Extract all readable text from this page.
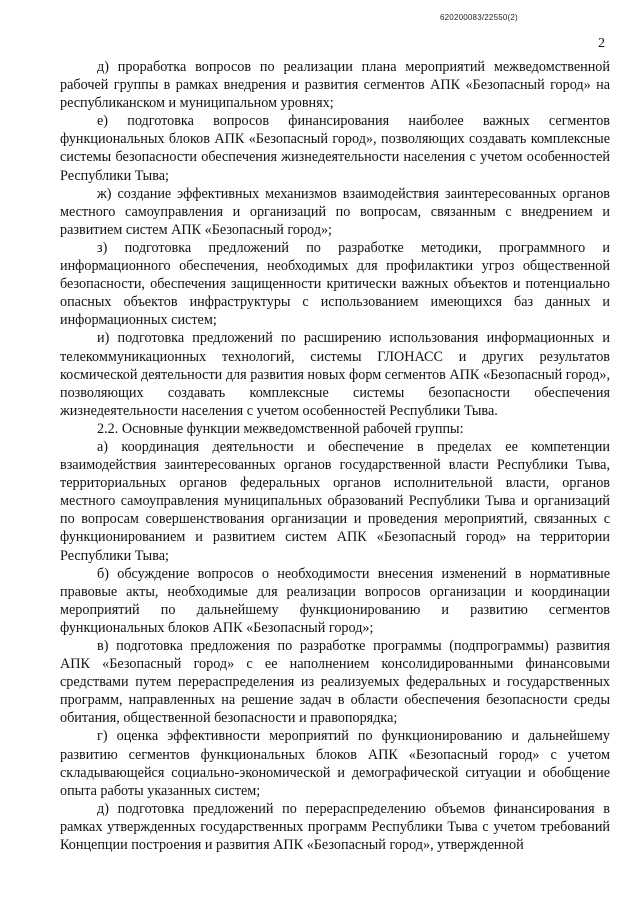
620200083/22550(2)
2

д) проработка вопросов по реализации плана мероприятий межведомственной рабочей группы в рамках внедрения и развития сегментов АПК «Безопасный город» на республиканском и муниципальном уровнях;

е) подготовка вопросов финансирования наиболее важных сегментов функциональных блоков АПК «Безопасный город», позволяющих создавать комплексные системы безопасности обеспечения жизнедеятельности населения с учетом особенностей Республики Тыва;

ж) создание эффективных механизмов взаимодействия заинтересованных органов местного самоуправления и организаций по вопросам, связанным с внедрением и развитием систем АПК «Безопасный город»;

з) подготовка предложений по разработке методики, программного и информационного обеспечения, необходимых для профилактики угроз общественной безопасности, обеспечения защищенности критически важных объектов и потенциально опасных объектов инфраструктуры с использованием имеющихся баз данных и информационных систем;

и) подготовка предложений по расширению использования информационных и телекоммуникационных технологий, системы ГЛОНАСС и других результатов космической деятельности для развития новых форм сегментов АПК «Безопасный город», позволяющих создавать комплексные системы безопасности обеспечения жизнедеятельности населения с учетом особенностей Республики Тыва.

2.2. Основные функции межведомственной рабочей группы:

а) координация деятельности и обеспечение в пределах ее компетенции взаимодействия заинтересованных органов государственной власти Республики Тыва, территориальных органов федеральных органов исполнительной власти, органов местного самоуправления муниципальных образований Республики Тыва и организаций по вопросам совершенствования организации и проведения мероприятий, связанных с функционированием и развитием систем АПК «Безопасный город» на территории Республики Тыва;

б) обсуждение вопросов о необходимости внесения изменений в нормативные правовые акты, необходимые для реализации вопросов организации и координации мероприятий по дальнейшему функционированию и развитию сегментов функциональных блоков АПК «Безопасный город»;

в) подготовка предложения по разработке программы (подпрограммы) развития АПК «Безопасный город» с ее наполнением консолидированными финансовыми средствами путем перераспределения из реализуемых федеральных и государственных программ, направленных на решение задач в области обеспечения безопасности среды обитания, общественной безопасности и правопорядка;

г) оценка эффективности мероприятий по функционированию и дальнейшему развитию сегментов функциональных блоков АПК «Безопасный город» с учетом складывающейся социально-экономической и демографической ситуации и обобщение опыта работы указанных систем;

д) подготовка предложений по перераспределению объемов финансирования в рамках утвержденных государственных программ Республики Тыва с учетом требований Концепции построения и развития АПК «Безопасный город», утвержденной
